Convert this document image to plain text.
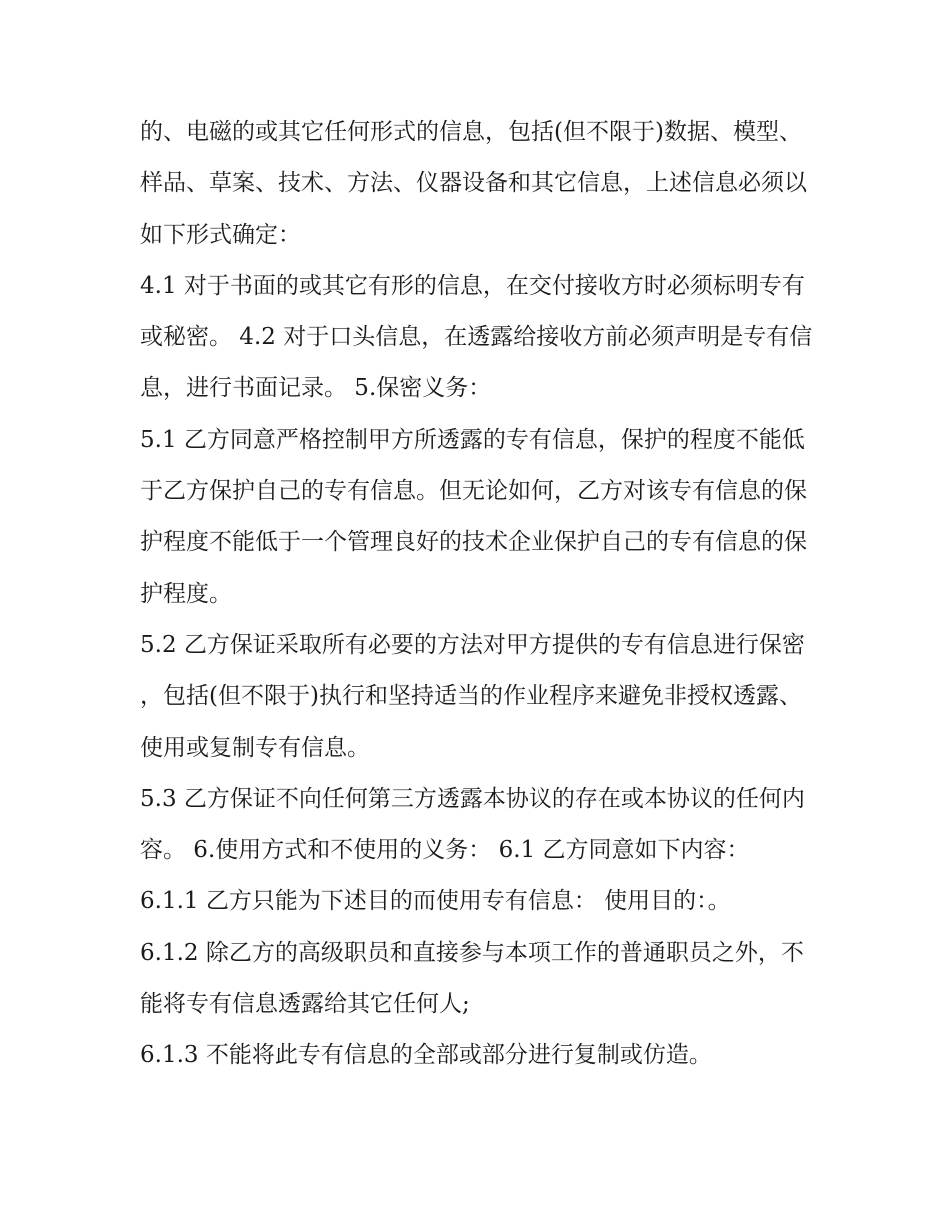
的、电磁的或其它任何形式的信息，包括(但不限于)数据、模型、样品、草案、技术、方法、仪器设备和其它信息，上述信息必须以如下形式确定：

4.1 对于书面的或其它有形的信息，在交付接收方时必须标明专有或秘密。 4.2 对于口头信息，在透露给接收方前必须声明是专有信息，进行书面记录。 5.保密义务：

5.1 乙方同意严格控制甲方所透露的专有信息，保护的程度不能低于乙方保护自己的专有信息。但无论如何，乙方对该专有信息的保护程度不能低于一个管理良好的技术企业保护自己的专有信息的保护程度。

5.2 乙方保证采取所有必要的方法对甲方提供的专有信息进行保密，包括(但不限于)执行和坚持适当的作业程序来避免非授权透露、使用或复制专有信息。

5.3 乙方保证不向任何第三方透露本协议的存在或本协议的任何内容。 6.使用方式和不使用的义务： 6.1 乙方同意如下内容：

6.1.1 乙方只能为下述目的而使用专有信息： 使用目的：。

6.1.2 除乙方的高级职员和直接参与本项工作的普通职员之外，不能将专有信息透露给其它任何人;

6.1.3 不能将此专有信息的全部或部分进行复制或仿造。
